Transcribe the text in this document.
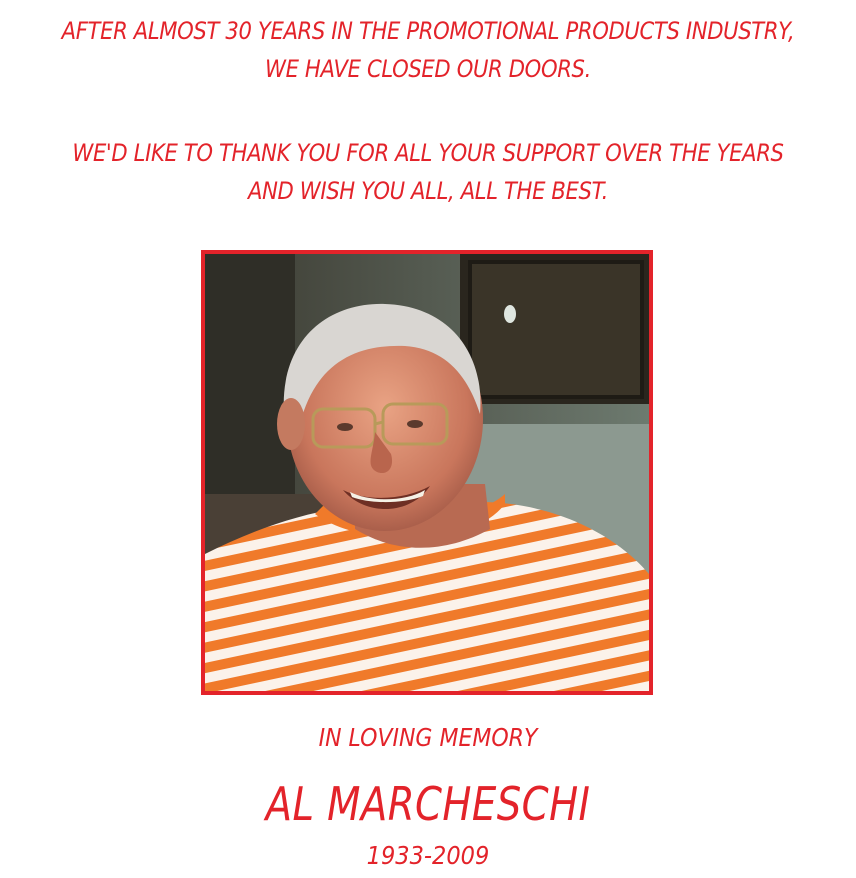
AFTER ALMOST 30 YEARS IN THE PROMOTIONAL PRODUCTS INDUSTRY,
WE HAVE CLOSED OUR DOORS.
WE'D LIKE TO THANK YOU FOR ALL YOUR SUPPORT OVER THE YEARS
AND WISH YOU ALL, ALL THE BEST.
IN LOVING MEMORY
AL MARCHESCHI
1933-2009
